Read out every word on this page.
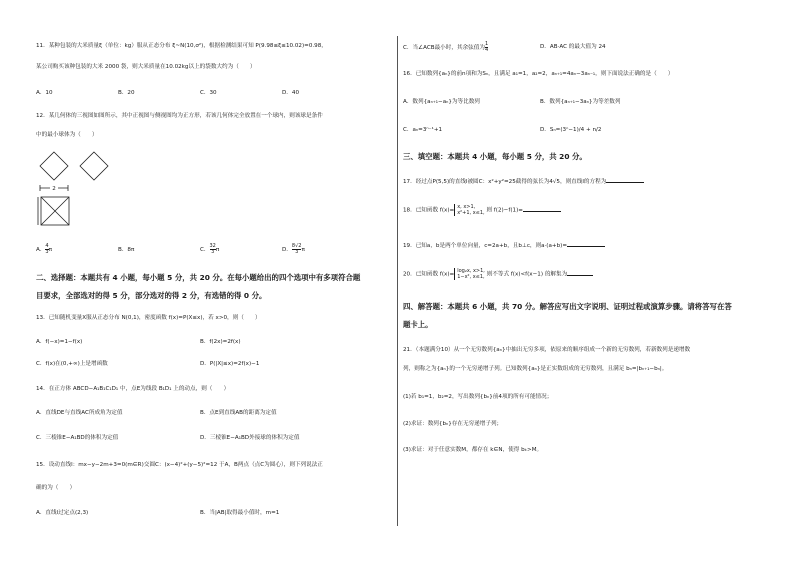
11．某种包装的大米质量ξ（单位：kg）服从正态分布 ξ~N(10,σ²)，根据检测结果可知 P(9.98≤ξ≤10.02)=0.98，
某公司购买该种包装的大米 2000 袋，则大米质量在10.02kg以上的袋数大约为（　　）
A．10	B．20	C．30	D．40
12．某几何体的三视图如图所示，其中正视图与侧视图均为正方形，若该几何体完全放置在一个球内，则该球是条件
中的最小球体为（　　）
2
A． $\frac{4}{3}$ π	B．8π	C． $\frac{32}{3}$ π	D． $\frac{8√2}{3}$ π
二、选择题：本题共有 4 小题，每小题 5 分，共 20 分。在每小题给出的四个选项中有多项符合题
目要求，全部选对的得 5 分，部分选对的得 2 分，有选错的得 0 分。
13．已知随机变量X服从正态分布 N(0,1)，密度函数 f(x)=P(X≤x)，若 x>0，则（　　）
A．f(−x)=1−f(x)	B．f(2x)=2f(x)
C．f(x)在(0,+∞)上是增函数	D．P(|X|≤x)=2f(x)−1
14．在正方体 ABCD−A₁B₁C₁D₁ 中，点E为线段 B₁D₁ 上的动点，则（　　）
A．直线DE与直线AC所成角为定值	B．点E到直线AB的距离为定值
C．三棱锥E−A₁BD的体积为定值	D．三棱锥E−A₁BD外接球的体积为定值
15．设动直线l：mx−y−2m+3=0(m∈R)交圆C：(x−4)²+(y−5)²=12 于A，B两点（点C为圆心），则下列说法正
确的为（　　）
A．直线l过定点(2,3)	B．当|AB|取得最小值时，m=1
C．当∠ACB最小时，其余弦值为 $\frac{1}{4}$	D．AB·AC 的最大值为 24
16．已知数列{aₙ}的前n项和为Sₙ，且满足 a₁=1，a₂=2，aₙ₊₁=4aₙ−3aₙ₋₁，则下面说法正确的是（　　）
A．数列{aₙ₊₁−aₙ}为等比数列	B．数列{aₙ₊₁−3aₙ}为等差数列
C．aₙ=3ⁿ⁻¹+1	D．Sₙ=(3ⁿ−1)/4 + n/2
三、填空题：本题共 4 小题，每小题 5 分，共 20 分。
17．经过点P(5,5)的直线l被圆C：x²+y²=25截得的弦长为4√5，则直线l的方程为
18．已知函数 f(x)=
x, x>1,
x²+1, x≤1, 则 f(2)−f(1)=
19．已知a，b是两个单位向量，c=2a+b，且b⊥c，则a·(a+b)=
20．已知函数 f(x)=
log₂x, x>1,
1−x², x≤1, 则不等式 f(x)<f(x−1) 的解集为
四、解答题：本题共 6 小题，共 70 分。解答应写出文字说明、证明过程或演算步骤。请将答写在答
题卡上。
21．（本题满分10）从一个无穷数列{aₙ}中抽出无穷多项，依原来的顺序组成一个新的无穷数列，若新数列是递增数
列，则称之为{aₙ}的一个无穷递增子列。已知数列{aₙ}是正实数组成的无穷数列，且满足 bₙ=|bₙ₊₁−bₙ|。
(1)若 b₁=1，b₂=2，写出数列{bₙ}前4项的所有可能情况；
(2)求证：数列{bₙ}存在无穷递增子列；
(3)求证：对于任意实数M，都存在 k∈N，使得 bₖ>M。
